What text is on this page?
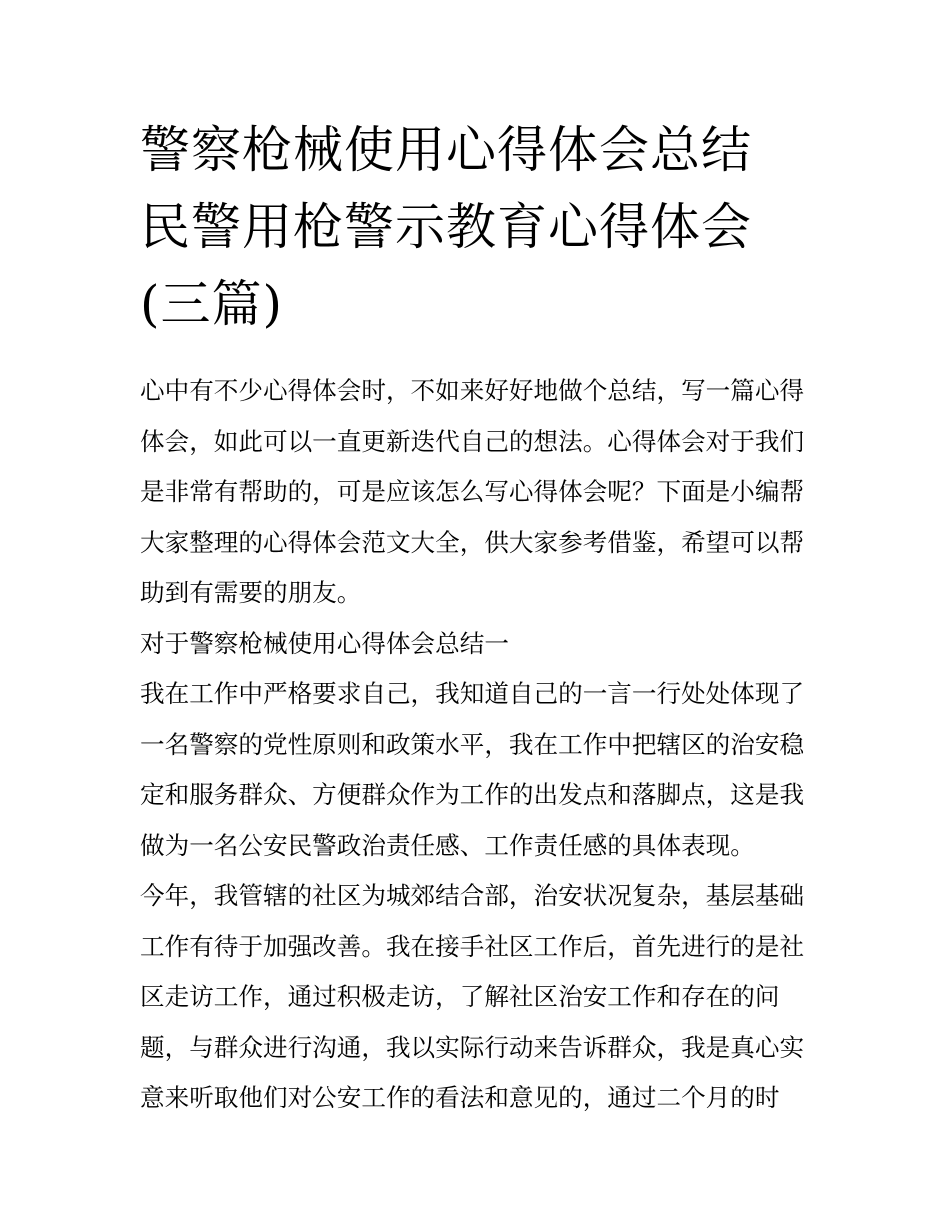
警察枪械使用心得体会总结 民警用枪警示教育心得体会(三篇)

心中有不少心得体会时，不如来好好地做个总结，写一篇心得

体会，如此可以一直更新迭代自己的想法。心得体会对于我们

是非常有帮助的，可是应该怎么写心得体会呢？下面是小编帮

大家整理的心得体会范文大全，供大家参考借鉴，希望可以帮

助到有需要的朋友。

对于警察枪械使用心得体会总结一

我在工作中严格要求自己，我知道自己的一言一行处处体现了

一名警察的党性原则和政策水平，我在工作中把辖区的治安稳

定和服务群众、方便群众作为工作的出发点和落脚点，这是我

做为一名公安民警政治责任感、工作责任感的具体表现。

今年，我管辖的社区为城郊结合部，治安状况复杂，基层基础

工作有待于加强改善。我在接手社区工作后，首先进行的是社

区走访工作，通过积极走访，了解社区治安工作和存在的问

题，与群众进行沟通，我以实际行动来告诉群众，我是真心实

意来听取他们对公安工作的看法和意见的，通过二个月的时
